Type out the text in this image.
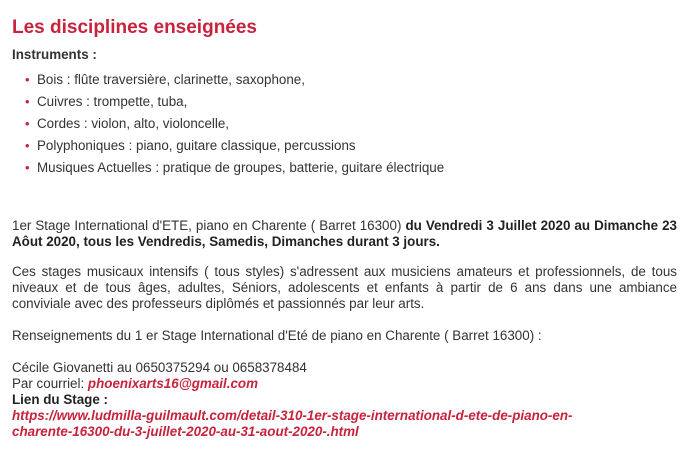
Les disciplines enseignées

Instruments :

• Bois : flûte traversière, clarinette, saxophone,
• Cuivres : trompette, tuba,
• Cordes : violon, alto, violoncelle,
• Polyphoniques : piano, guitare classique, percussions
• Musiques Actuelles : pratique de groupes, batterie, guitare électrique

1er Stage International d'ETE, piano en Charente ( Barret 16300) du Vendredi 3 Juillet 2020 au Dimanche 23 Aôut 2020, tous les Vendredis, Samedis, Dimanches durant 3 jours.

Ces stages musicaux intensifs ( tous styles) s'adressent aux musiciens amateurs et professionnels, de tous niveaux et de tous âges, adultes, Séniors, adolescents et enfants à partir de 6 ans dans une ambiance conviviale avec des professeurs diplômés et passionnés par leur arts.

Renseignements du 1 er Stage International d'Eté de piano en Charente ( Barret 16300) :

Cécile Giovanetti au 0650375294 ou 0658378484
Par courriel: phoenixarts16@gmail.com
Lien du Stage :
https://www.ludmilla-guilmault.com/detail-310-1er-stage-international-d-ete-de-piano-en-
charente-16300-du-3-juillet-2020-au-31-aout-2020-.html
